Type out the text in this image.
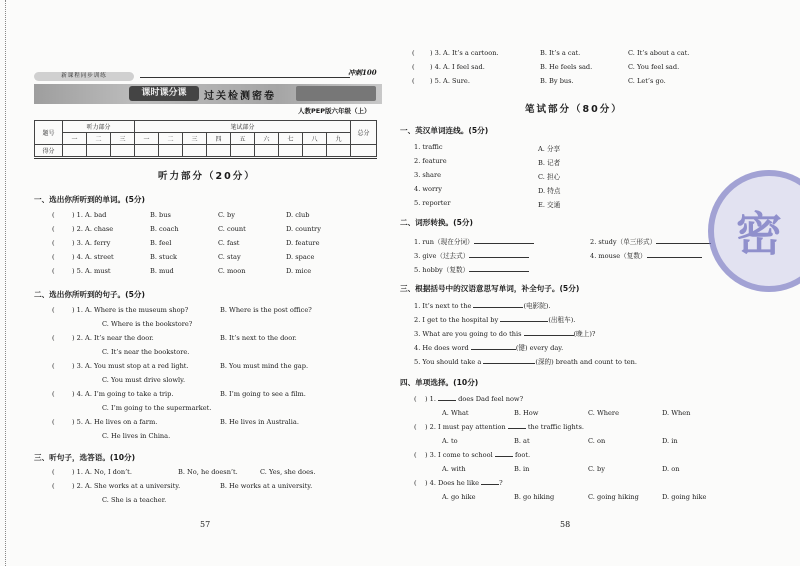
新课程同步训练	冲刺100
课时课分课	过关检测密卷
人教PEP版六年级（上）
题号	听力部分			笔试部分									总分
	一	二	三	一	二	三	四	五	六	七	八	九	
得分													
听力部分（20分）
一、选出你所听到的单词。(5分)
(	) 1. A. bad	B. bus	C. by	D. club
(	) 2. A. chase	B. coach	C. count	D. country
(	) 3. A. ferry	B. feel	C. fast	D. feature
(	) 4. A. street	B. stuck	C. stay	D. space
(	) 5. A. must	B. mud	C. moon	D. mice
二、选出你所听到的句子。(5分)
(	) 1. A. Where is the museum shop?	B. Where is the post office?
C. Where is the bookstore?
(	) 2. A. It’s near the door.	B. It’s next to the door.
C. It’s near the bookstore.
(	) 3. A. You must stop at a red light.	B. You must mind the gap.
C. You must drive slowly.
(	) 4. A. I’m going to take a trip.	B. I’m going to see a film.
C. I’m going to the supermarket.
(	) 5. A. He lives on a farm.	B. He lives in Australia.
C. He lives in China.
三、听句子，选答语。(10分)
(	) 1. A. No, I don’t.	B. No, he doesn’t.	C. Yes, she does.
(	) 2. A. She works at a university.	B. He works at a university.
C. She is a teacher.
57
( ) 3. A. It’s a cartoon.	B. It’s a cat.	C. It’s about a cat.
( ) 4. A. I feel sad.	B. He feels sad.	C. You feel sad.
( ) 5. A. Sure.	B. By bus.	C. Let’s go.
笔试部分（80分）
一、英汉单词连线。(5分)
1. traffic	A. 分享
2. feature	B. 记者
3. share	C. 担心
4. worry	D. 特点
5. reporter	E. 交通
二、词形转换。(5分)
1. run（现在分词）	2. study（单三形式）
3. give（过去式）	4. mouse（复数）
5. hobby（复数）
三、根据括号中的汉语意思写单词，补全句子。(5分)
1. It’s next to the	(电影院).
2. I get to the hospital by	(出租车).
3. What are you going to do this	(晚上)?
4. He does word	(键) every day.
5. You should take a	(深的) breath and count to ten.
四、单项选择。(10分)
( ) 1.	does Dad feel now?
A. What	B. How	C. Where	D. When
( ) 2. I must pay attention	the traffic lights.
A. to	B. at	C. on	D. in
( ) 3. I come to school	foot.
A. with	B. in	C. by	D. on
( ) 4. Does he like	?
A. go hike	B. go hiking	C. going hiking	D. going hike
58
密
